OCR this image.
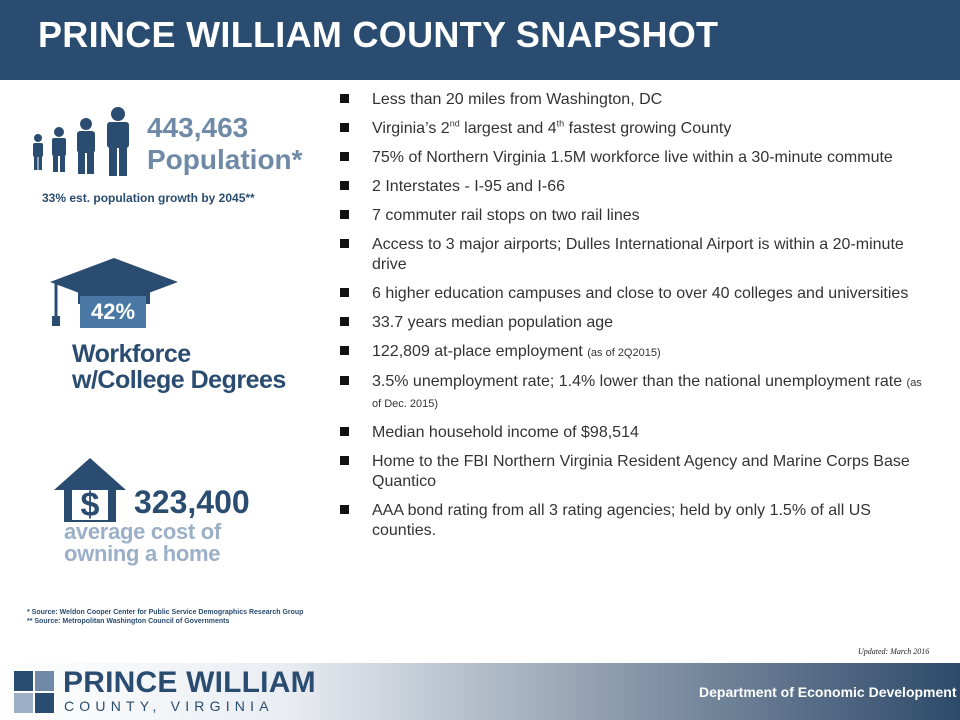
PRINCE WILLIAM COUNTY SNAPSHOT
443,463
Population*
33% est. population growth by 2045**
42%
Workforce
w/College Degrees
$ 323,400
average cost of
owning a home
* Source: Weldon Cooper Center for Public Service Demographics Research Group
** Source: Metropolitan Washington Council of Governments
Less than 20 miles from Washington, DC
Virginia’s 2nd largest and 4th fastest growing County
75% of Northern Virginia 1.5M workforce live within a 30-minute commute
2 Interstates - I-95 and I-66
7 commuter rail stops on two rail lines
Access to 3 major airports; Dulles International Airport is within a 20-minute drive
6 higher education campuses and close to over 40 colleges and universities
33.7 years median population age
122,809 at-place employment (as of 2Q2015)
3.5% unemployment rate; 1.4% lower than the national unemployment rate (as of Dec. 2015)
Median household income of $98,514
Home to the FBI Northern Virginia Resident Agency and Marine Corps Base Quantico
AAA bond rating from all 3 rating agencies; held by only 1.5% of all US counties.
Updated: March 2016
PRINCE WILLIAM
COUNTY, VIRGINIA
Department of Economic Development
